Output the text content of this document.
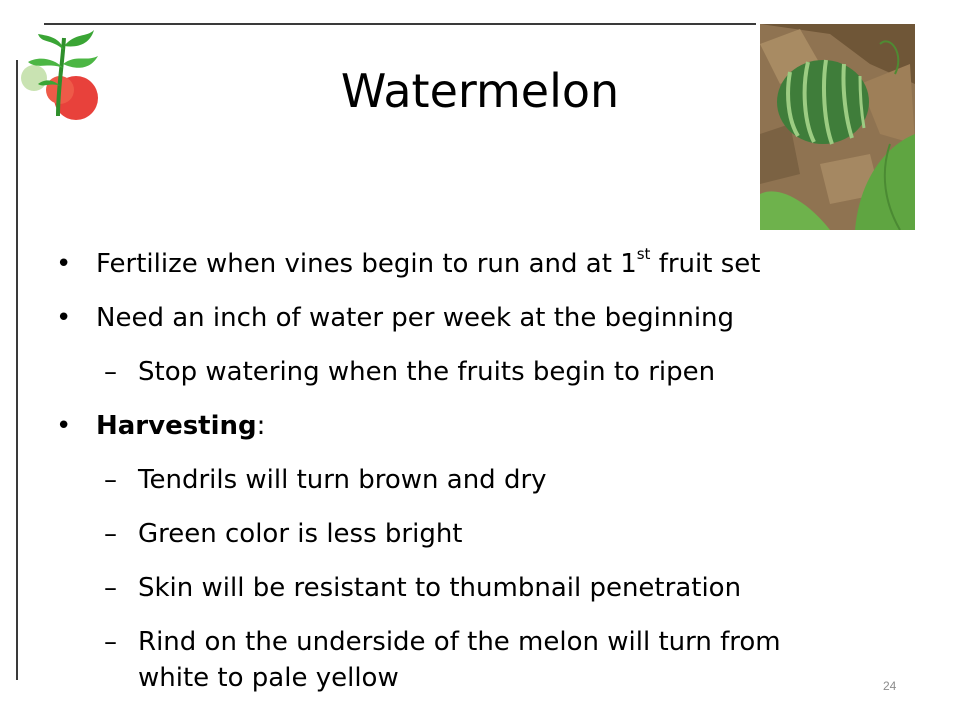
Watermelon
• Fertilize when vines begin to run and at 1st fruit set
• Need an inch of water per week at the beginning
– Stop watering when the fruits begin to ripen
• Harvesting:
– Tendrils will turn brown and dry
– Green color is less bright
– Skin will be resistant to thumbnail penetration
– Rind on the underside of the melon will turn from
white to pale yellow	24
